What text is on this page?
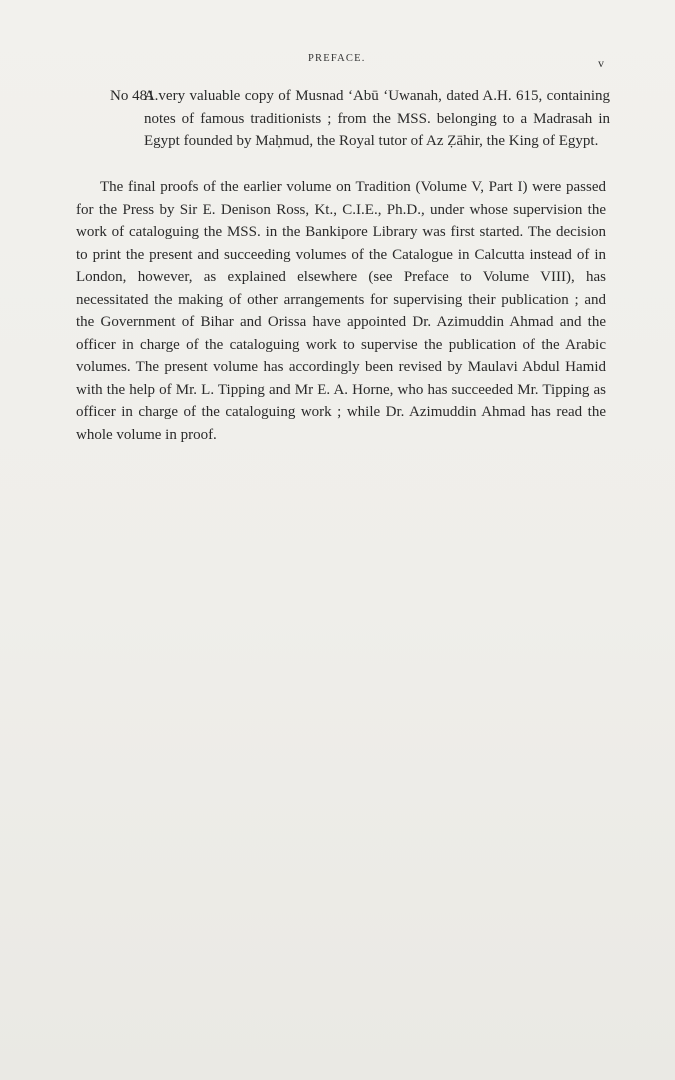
PREFACE.	v
No 481.
A very valuable copy of Musnad ‘Abū ‘Uwanah, dated A.H. 615, containing notes of famous traditionists ; from the MSS. belonging to a Madrasah in Egypt founded by Maḥmud, the Royal tutor of Az Ẓāhir, the King of Egypt.

The final proofs of the earlier volume on Tradition (Volume V, Part I) were passed for the Press by Sir E. Denison Ross, Kt., C.I.E., Ph.D., under whose supervision the work of cataloguing the MSS. in the Bankipore Library was first started. The decision to print the present and succeeding volumes of the Catalogue in Calcutta instead of in London, however, as explained elsewhere (see Preface to Volume VIII), has necessitated the making of other arrangements for supervising their publication ; and the Government of Bihar and Orissa have appointed Dr. Azimuddin Ahmad and the officer in charge of the cataloguing work to supervise the publication of the Arabic volumes. The present volume has accordingly been revised by Maulavi Abdul Hamid with the help of Mr. L. Tipping and Mr E. A. Horne, who has succeeded Mr. Tipping as officer in charge of the cataloguing work ; while Dr. Azimuddin Ahmad has read the whole volume in proof.
